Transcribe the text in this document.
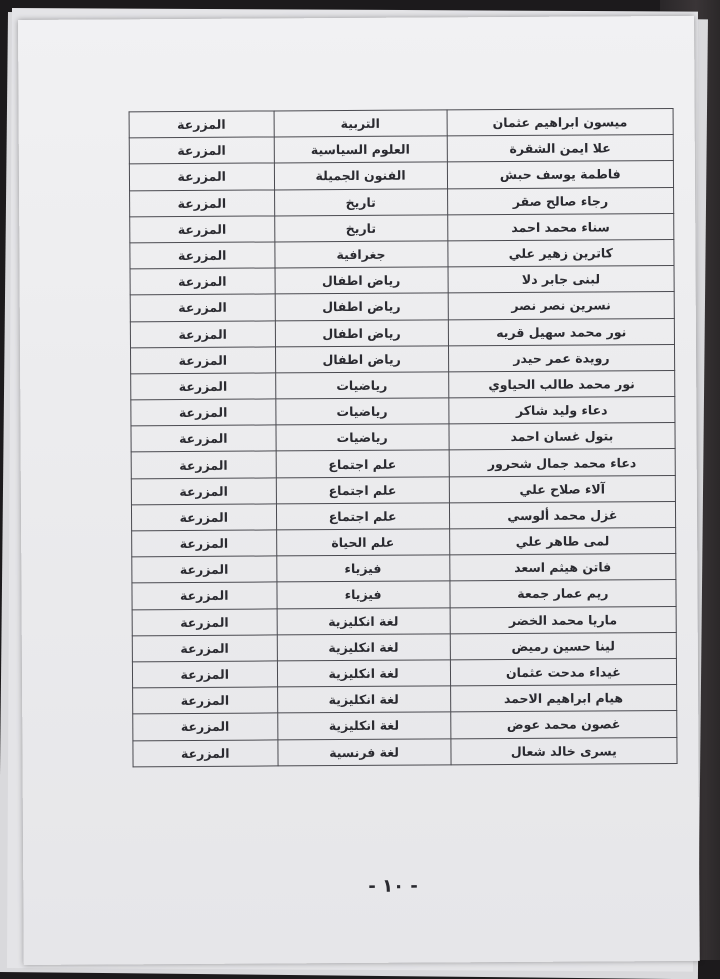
ميسون ابراهيم عثمان	التربية	المزرعة
علا ايمن الشقرة	العلوم السياسية	المزرعة
فاطمة يوسف حبش	الفنون الجميلة	المزرعة
رجاء صالح صقر	تاريخ	المزرعة
سناء محمد احمد	تاريخ	المزرعة
كاترين زهير علي	جغرافية	المزرعة
لبنى جابر دلا	رياض اطفال	المزرعة
نسرين نصر نصر	رياض اطفال	المزرعة
نور محمد سهيل قريه	رياض اطفال	المزرعة
رويدة عمر حيدر	رياض اطفال	المزرعة
نور محمد طالب الحياوي	رياضيات	المزرعة
دعاء وليد شاكر	رياضيات	المزرعة
بتول غسان احمد	رياضيات	المزرعة
دعاء محمد جمال شحرور	علم اجتماع	المزرعة
آلاء صلاح علي	علم اجتماع	المزرعة
غزل محمد ألوسي	علم اجتماع	المزرعة
لمى طاهر علي	علم الحياة	المزرعة
فاتن هيثم اسعد	فيزياء	المزرعة
ريم عمار جمعة	فيزياء	المزرعة
ماريا محمد الخضر	لغة انكليزية	المزرعة
لينا حسين رميض	لغة انكليزية	المزرعة
غيداء مدحت عثمان	لغة انكليزية	المزرعة
هيام ابراهيم الاحمد	لغة انكليزية	المزرعة
غصون محمد عوض	لغة انكليزية	المزرعة
يسرى خالد شعال	لغة فرنسية	المزرعة
- ١٠ -
